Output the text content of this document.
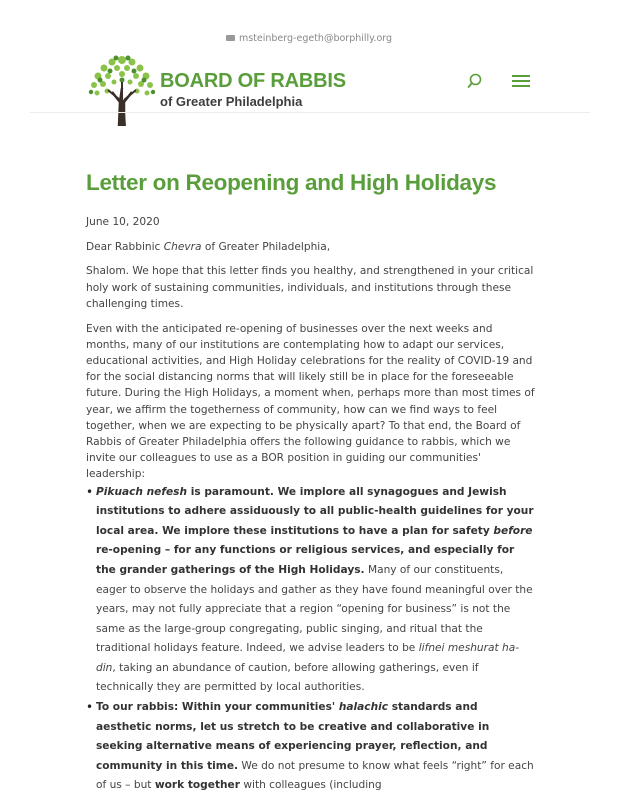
msteinberg-egeth@borphilly.org
BOARD OF RABBIS
of Greater Philadelphia
Letter on Reopening and High Holidays

June 10, 2020

Dear Rabbinic Chevra of Greater Philadelphia,

Shalom. We hope that this letter finds you healthy, and strengthened in your critical holy work of sustaining communities, individuals, and institutions through these challenging times.

Even with the anticipated re-opening of businesses over the next weeks and months, many of our institutions are contemplating how to adapt our services, educational activities, and High Holiday celebrations for the reality of COVID-19 and for the social distancing norms that will likely still be in place for the foreseeable future. During the High Holidays, a moment when, perhaps more than most times of year, we affirm the togetherness of community, how can we find ways to feel together, when we are expecting to be physically apart? To that end, the Board of Rabbis of Greater Philadelphia offers the following guidance to rabbis, which we invite our colleagues to use as a BOR position in guiding our communities' leadership:

• Pikuach nefesh is paramount. We implore all synagogues and Jewish institutions to adhere assiduously to all public-health guidelines for your local area. We implore these institutions to have a plan for safety before re-opening – for any functions or religious services, and especially for the grander gatherings of the High Holidays. Many of our constituents, eager to observe the holidays and gather as they have found meaningful over the years, may not fully appreciate that a region “opening for business” is not the same as the large-group congregating, public singing, and ritual that the traditional holidays feature. Indeed, we advise leaders to be lifnei meshurat ha-din, taking an abundance of caution, before allowing gatherings, even if technically they are permitted by local authorities.
• To our rabbis: Within your communities' halachic standards and aesthetic norms, let us stretch to be creative and collaborative in seeking alternative means of experiencing prayer, reflection, and community in this time. We do not presume to know what feels “right” for each of us – but work together with colleagues (including
